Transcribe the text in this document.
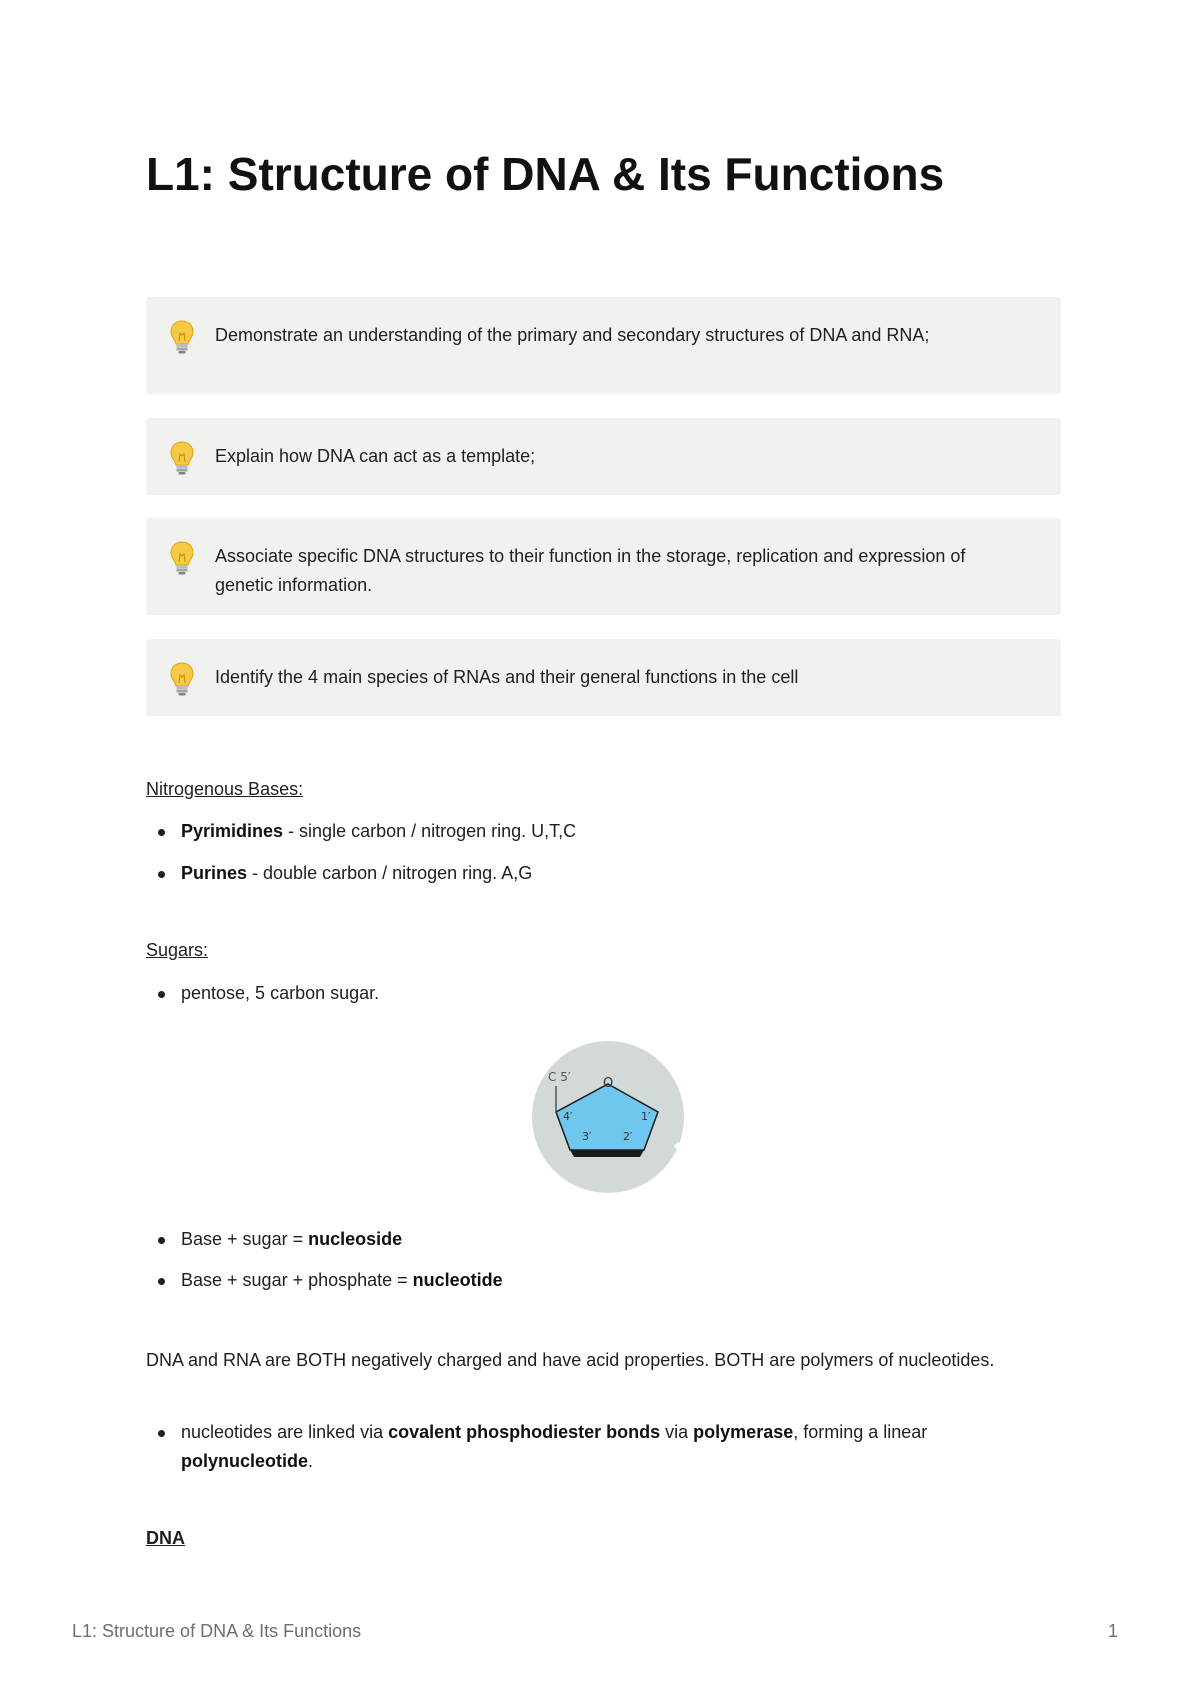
L1: Structure of DNA & Its Functions
Demonstrate an understanding of the primary and secondary structures of DNA and RNA;
Explain how DNA can act as a template;
Associate specific DNA structures to their function in the storage, replication and expression of genetic information.
Identify the 4 main species of RNAs and their general functions in the cell

Nitrogenous Bases:

Pyrimidines - single carbon / nitrogen ring. U,T,C
Purines - double carbon / nitrogen ring. A,G

Sugars:

pentose, 5 carbon sugar.
C 5′ O
4′	1′
3′	2′
Base + sugar = nucleoside
Base + sugar + phosphate = nucleotide

DNA and RNA are BOTH negatively charged and have acid properties. BOTH are polymers of nucleotides.

nucleotides are linked via covalent phosphodiester bonds via polymerase, forming a linear polynucleotide.

DNA

L1: Structure of DNA & Its Functions	1
